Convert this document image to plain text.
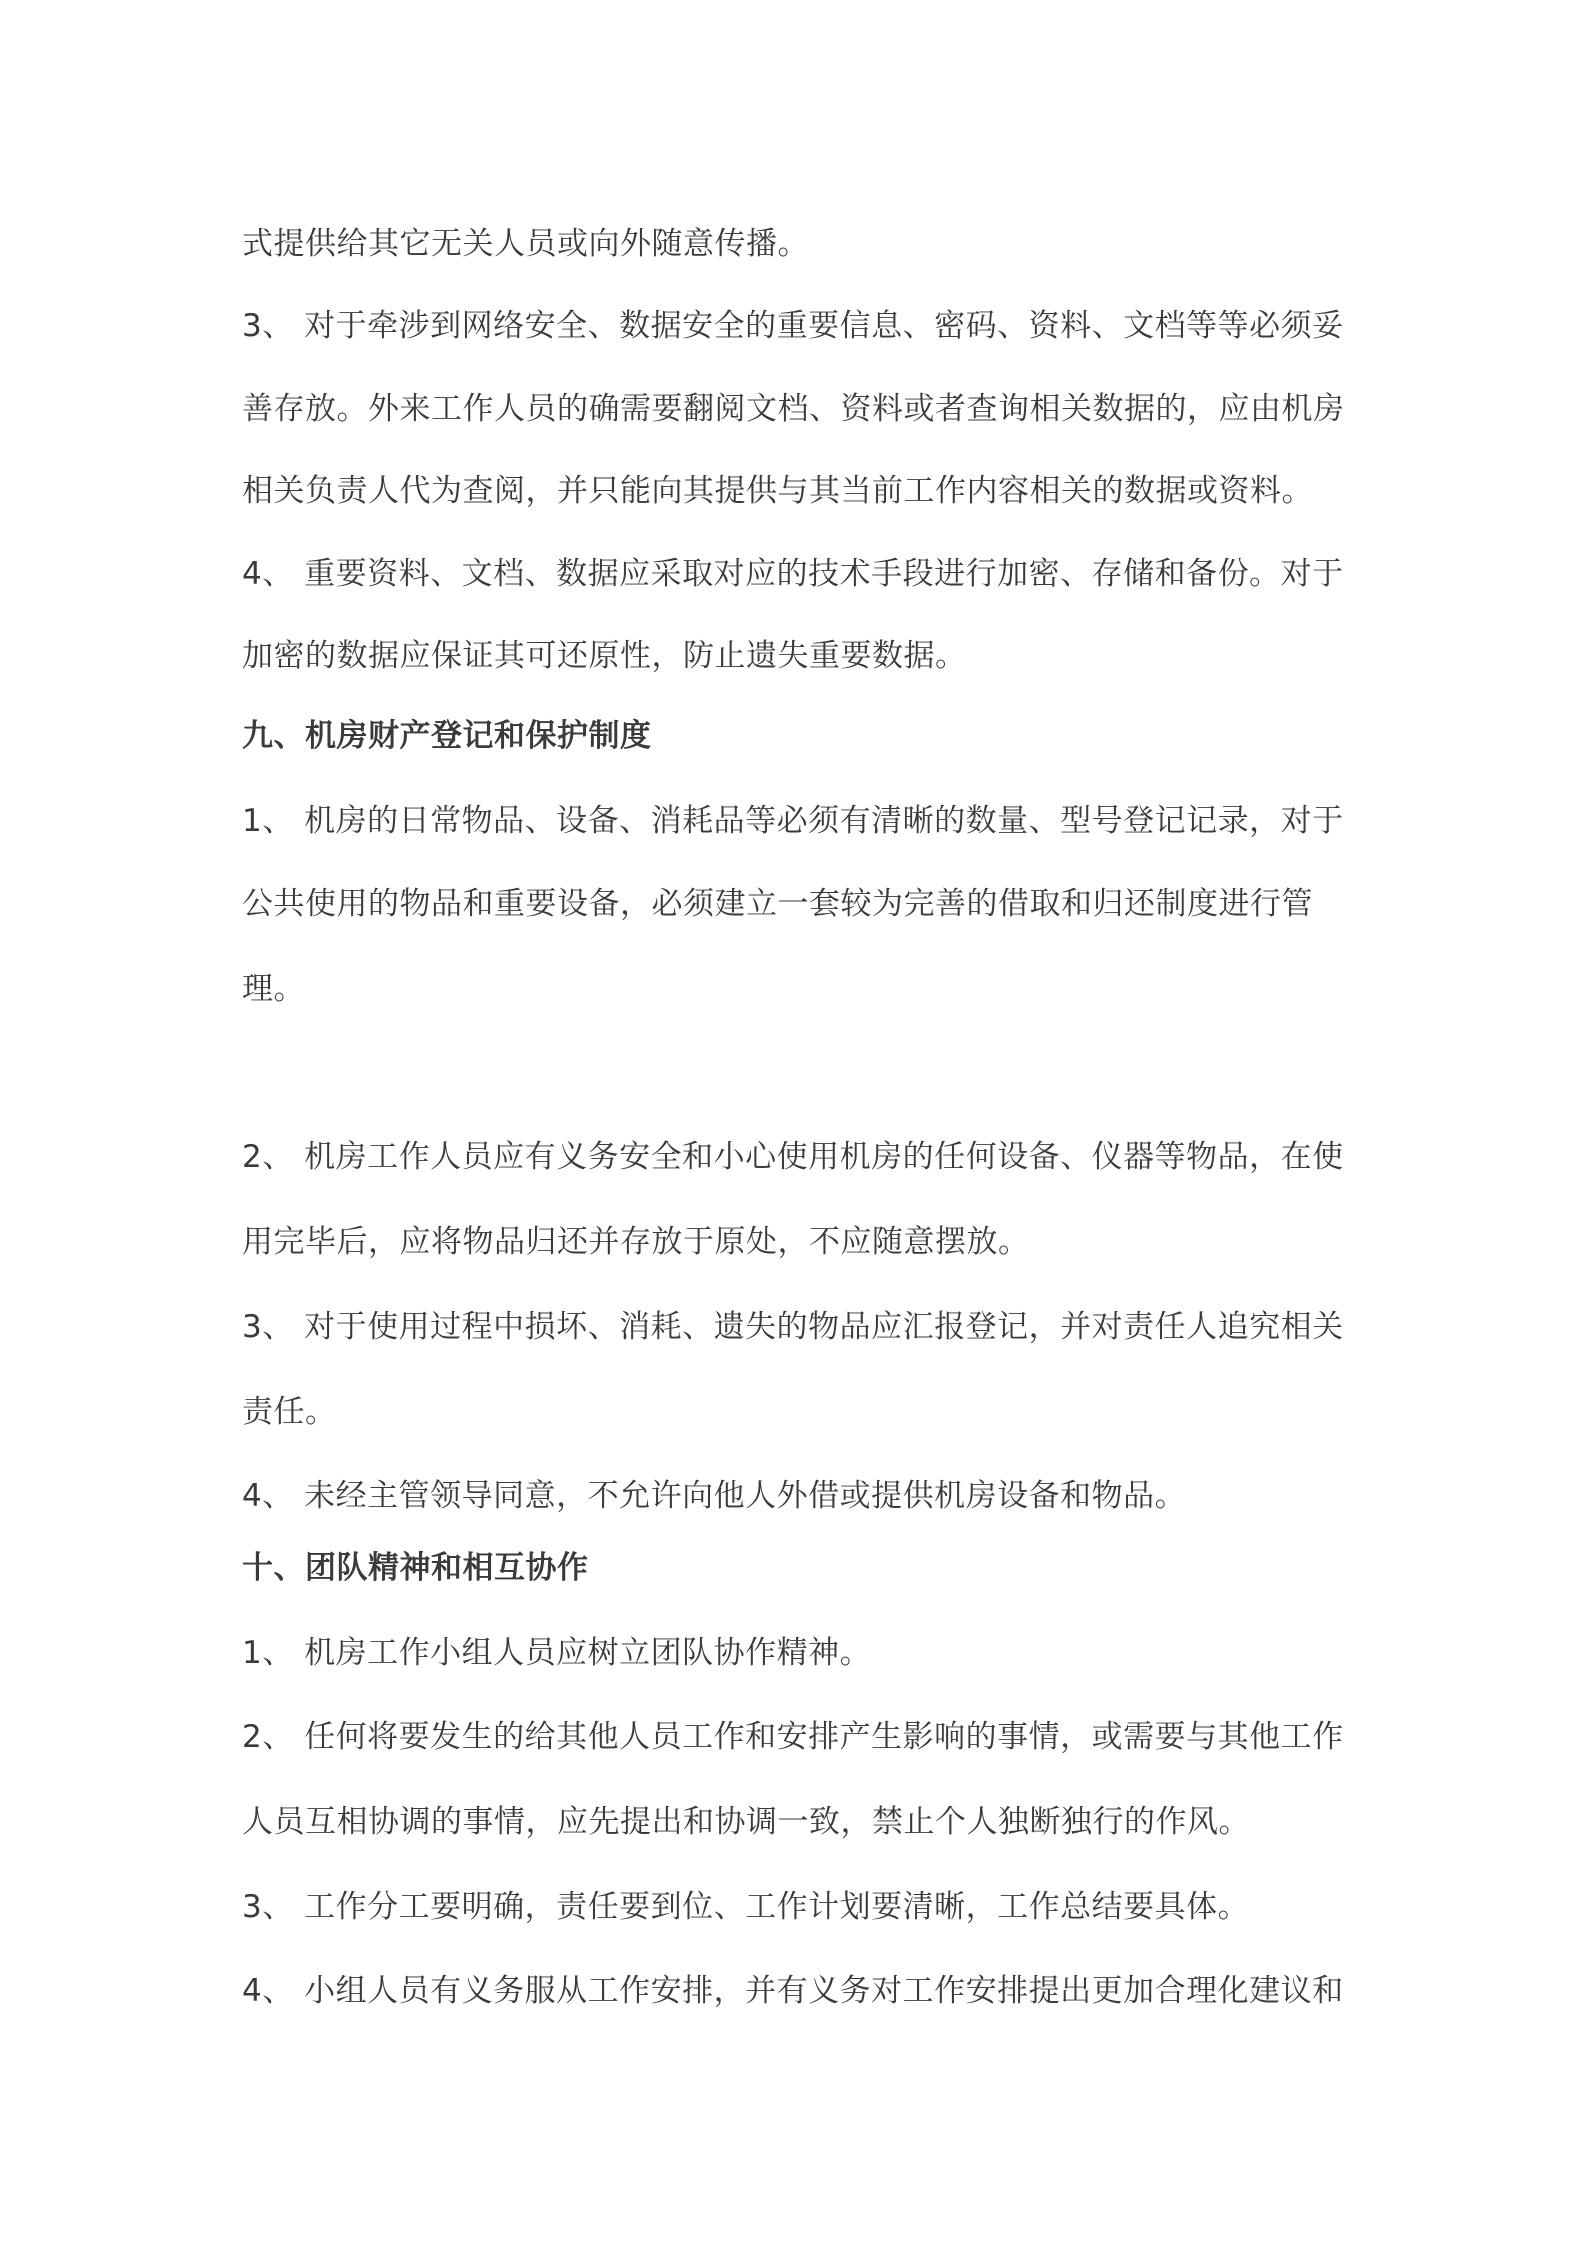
式提供给其它无关人员或向外随意传播。
3、 对于牵涉到网络安全、数据安全的重要信息、密码、资料、文档等等必须妥
善存放。外来工作人员的确需要翻阅文档、资料或者查询相关数据的，应由机房
相关负责人代为查阅，并只能向其提供与其当前工作内容相关的数据或资料。
4、 重要资料、文档、数据应采取对应的技术手段进行加密、存储和备份。对于
加密的数据应保证其可还原性，防止遗失重要数据。
九、机房财产登记和保护制度
1、 机房的日常物品、设备、消耗品等必须有清晰的数量、型号登记记录，对于
公共使用的物品和重要设备，必须建立一套较为完善的借取和归还制度进行管
理。
2、 机房工作人员应有义务安全和小心使用机房的任何设备、仪器等物品，在使
用完毕后，应将物品归还并存放于原处，不应随意摆放。
3、 对于使用过程中损坏、消耗、遗失的物品应汇报登记，并对责任人追究相关
责任。
4、 未经主管领导同意，不允许向他人外借或提供机房设备和物品。
十、团队精神和相互协作
1、 机房工作小组人员应树立团队协作精神。
2、 任何将要发生的给其他人员工作和安排产生影响的事情，或需要与其他工作
人员互相协调的事情，应先提出和协调一致，禁止个人独断独行的作风。
3、 工作分工要明确，责任要到位、工作计划要清晰，工作总结要具体。
4、 小组人员有义务服从工作安排，并有义务对工作安排提出更加合理化建议和
